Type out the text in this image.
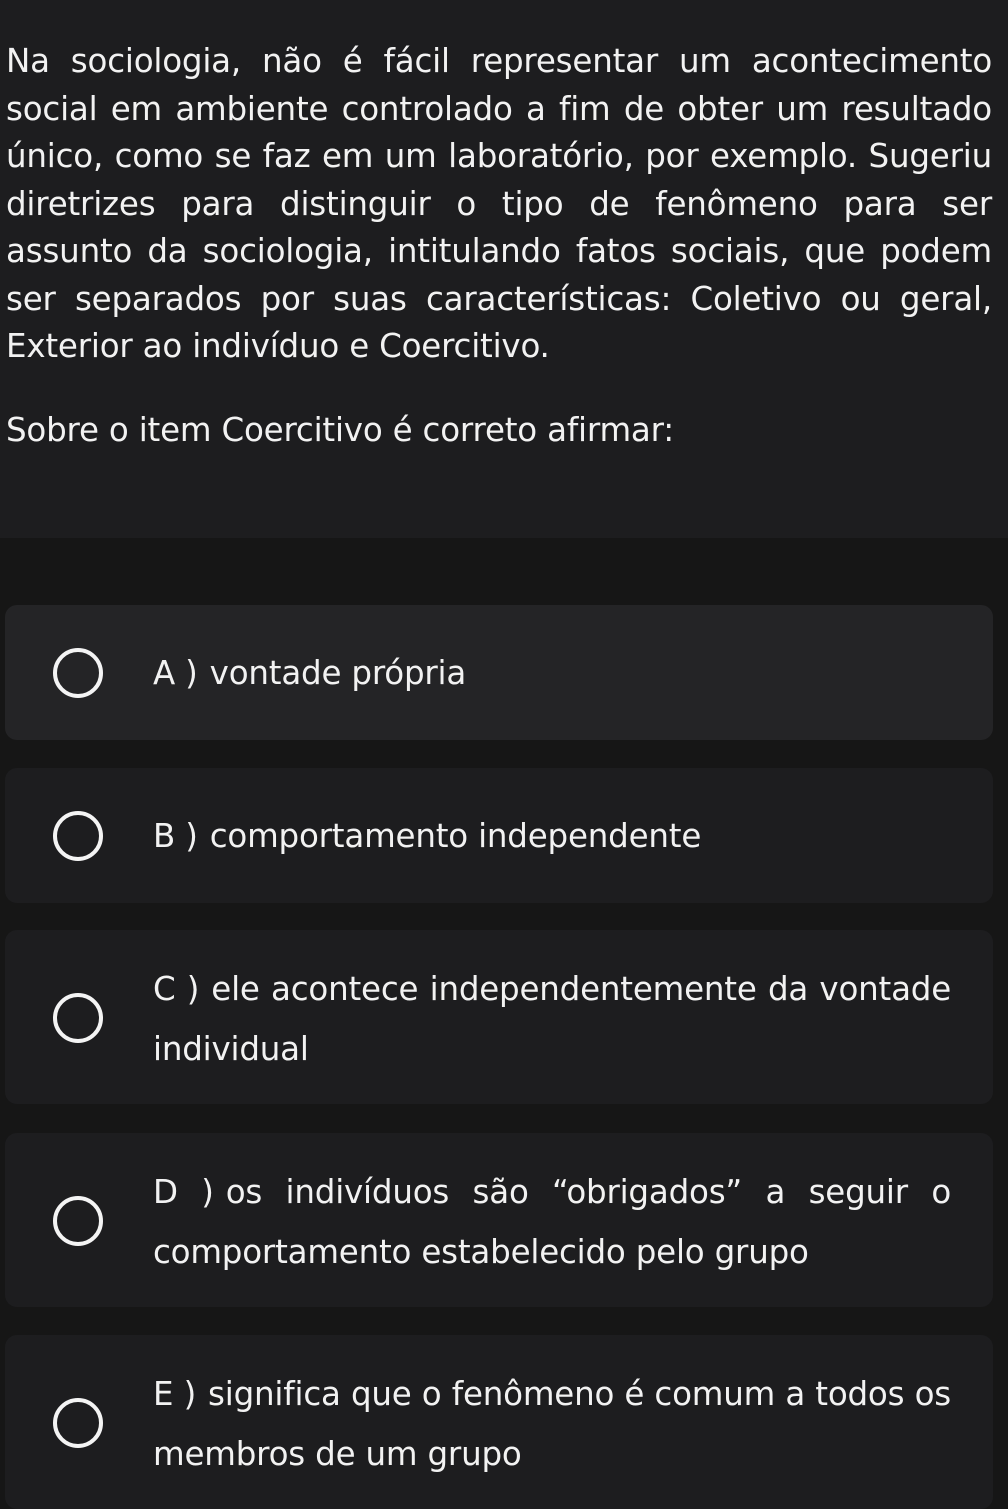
Na sociologia, não é fácil representar um acontecimento social em ambiente controlado a fim de obter um resultado único, como se faz em um laboratório, por exemplo. Sugeriu diretrizes para distinguir o tipo de fenômeno para ser assunto da sociologia, intitulando fatos sociais, que podem ser separados por suas características: Coletivo ou geral, Exterior ao indivíduo e Coercitivo.

Sobre o item Coercitivo é correto afirmar:

A ) vontade própria

B ) comportamento independente

C ) ele acontece independentemente da vontade individual

D ) os indivíduos são “obrigados” a seguir o comportamento estabelecido pelo grupo

E ) significa que o fenômeno é comum a todos os membros de um grupo
